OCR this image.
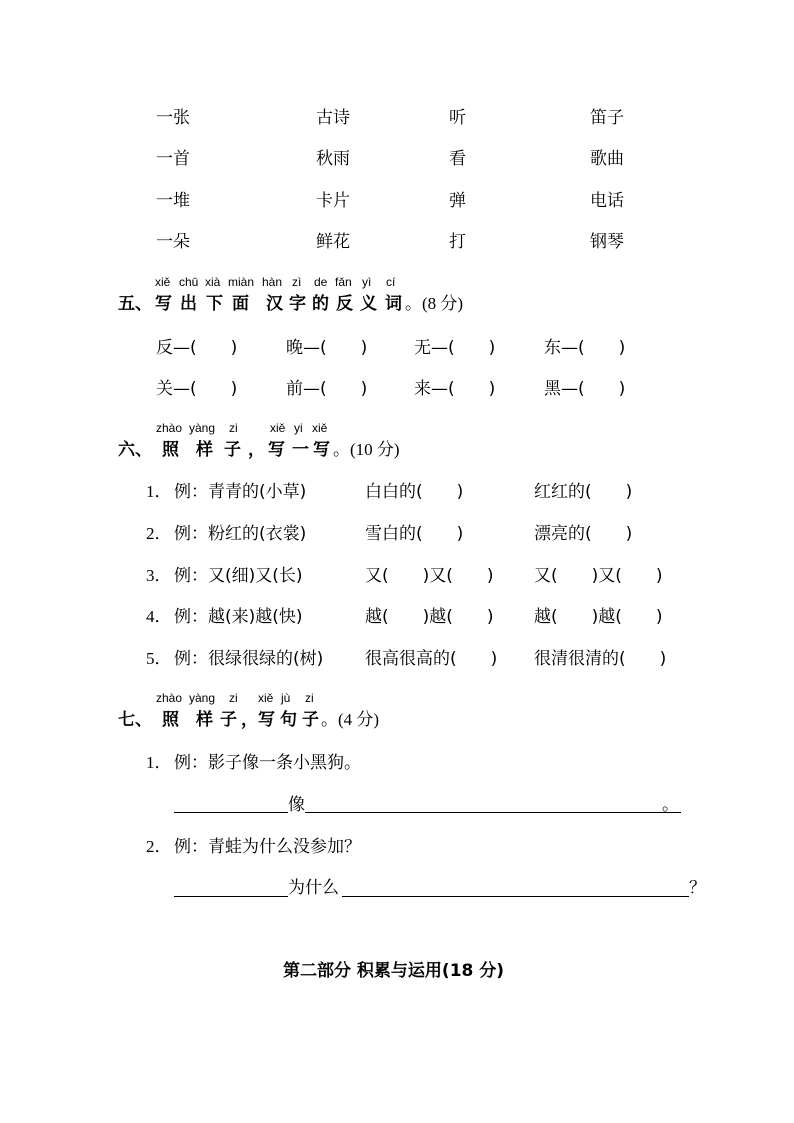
一张	古诗	听	笛子
一首	秋雨	看	歌曲
一堆	卡片	弹	电话
一朵	鲜花	打	钢琴
xiě chū xià miàn hàn zì de fǎn yì cí
五、 写 出 下 面 汉 字 的 反 义 词 。(8 分)
反—(　　)	晚—(　　)	无—(　　)	东—(　　)
关—(　　)	前—(　　)	来—(　　)	黑—(　　)
zhào yàng zi	xiě yi xiě
六、 照 样 子 ， 写 一 写 。(10 分)
1． 例：青青的(小草)	白白的(　　)	红红的(　　)
2． 例：粉红的(衣裳)	雪白的(　　)	漂亮的(　　)
3． 例：又(细)又(长)	又(　　)又(　　) 又(　　)又(　　)
4． 例：越(来)越(快)	越(　　)越(　　) 越(　　)越(　　)
5． 例：很绿很绿的(树) 很高很高的(　　) 很清很清的(　　)
zhào yàng zi xiě jù zi
七、 照 样 子 ， 写 句 子 。(4 分)
1． 例：影子像一条小黑狗。
像	。
2． 例：青蛙为什么没参加？
为什么	？
第二部分 积累与运用(18 分)
